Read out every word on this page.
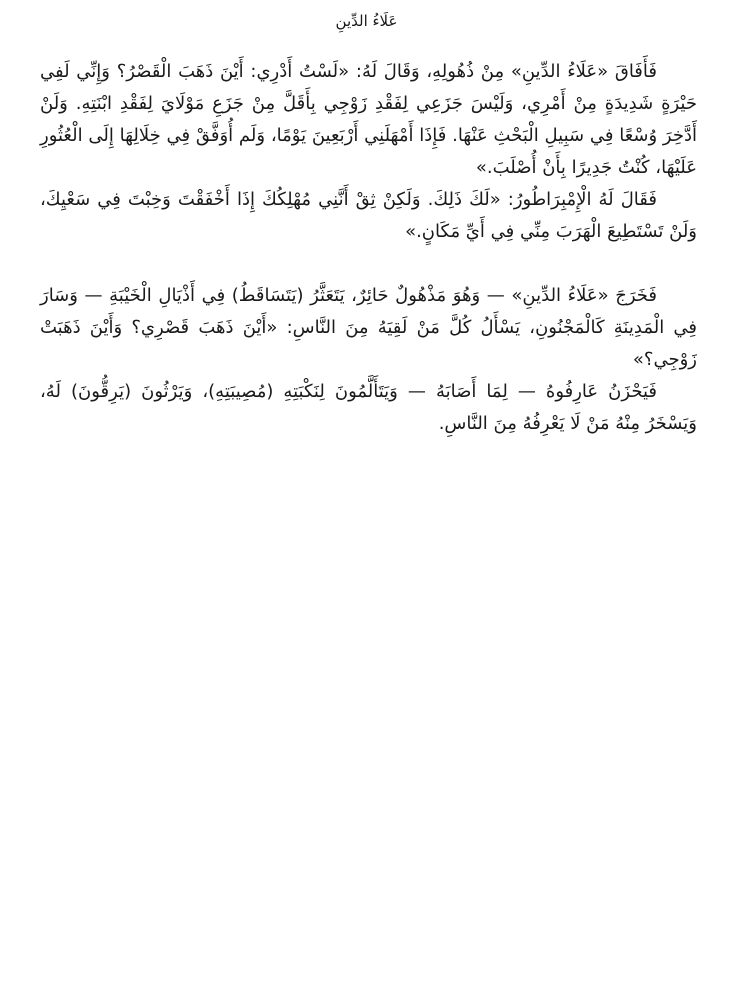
عَلَاءُ الدِّينِ

فَأَفَاقَ «عَلَاءُ الدِّينِ» مِنْ ذُهُولِهِ، وَقَالَ لَهُ: «لَسْتُ أَدْرِي: أَيْنَ ذَهَبَ الْقَصْرُ؟ وَإِنِّي لَفِي حَيْرَةٍ شَدِيدَةٍ مِنْ أَمْرِي، وَلَيْسَ جَزَعِي لِفَقْدِ زَوْجِي بِأَقَلَّ مِنْ جَزَعِ مَوْلَايَ لِفَقْدِ ابْنَتِهِ. وَلَنْ أَدَّخِرَ وُسْعًا فِي سَبِيلِ الْبَحْثِ عَنْهَا. فَإِذَا أَمْهَلَنِي أَرْبَعِينَ يَوْمًا، وَلَم أُوَفَّقْ فِي خِلَالِهَا إِلَى الْعُثُورِ عَلَيْهَا، كُنْتُ جَدِيرًا بِأَنْ أُصْلَبَ.»

فَقَالَ لَهُ الْإِمْبِرَاطُورُ: «لَكَ ذَلِكَ. وَلَكِنْ ثِقْ أَنَّنِي مُهْلِكُكَ إِذَا أَخْفَقْتَ وَخِبْتَ فِي سَعْيِكَ، وَلَنْ تَسْتَطِيعَ الْهَرَبَ مِنِّي فِي أَيِّ مَكَانٍ.»

فَخَرَجَ «عَلَاءُ الدِّينِ» — وَهُوَ مَذْهُولٌ حَائِرٌ، يَتَعَثَّرُ (يَتَسَاقَطُ) فِي أَذْيَالِ الْخَيْبَةِ — وَسَارَ فِي الْمَدِينَةِ كَالْمَجْنُونِ، يَسْأَلُ كُلَّ مَنْ لَقِيَهُ مِنَ النَّاسِ: «أَيْنَ ذَهَبَ قَصْرِي؟ وَأَيْنَ ذَهَبَتْ زَوْجِي؟»

فَيَحْزَنُ عَارِفُوهُ — لِمَا أَصَابَهُ — وَيَتَأَلَّمُونَ لِنَكْبَتِهِ (مُصِيبَتِهِ)، وَيَرْثُونَ (يَرِقُّونَ) لَهُ، وَيَسْخَرُ مِنْهُ مَنْ لَا يَعْرِفُهُ مِنَ النَّاسِ.
